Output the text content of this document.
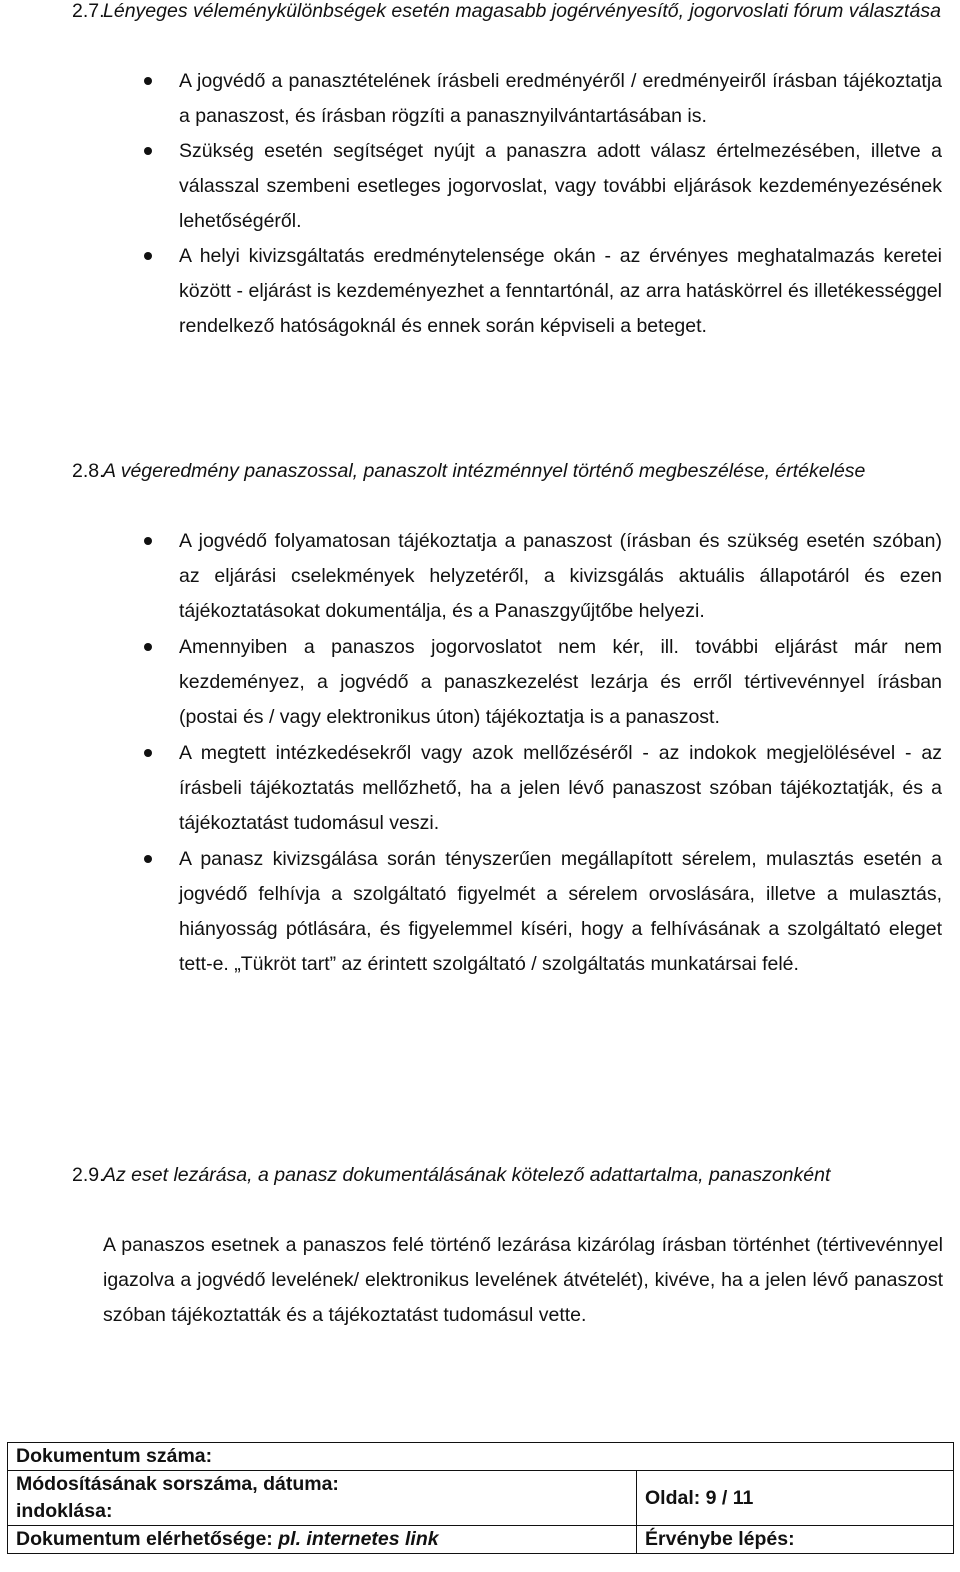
2.7.
Lényeges véleménykülönbségek esetén magasabb jogérvényesítő, jogorvoslati fórum választása
A jogvédő a panasztételének írásbeli eredményéről / eredményeiről írásban tájékoztatja a panaszost, és írásban rögzíti a panasznyilvántartásában is.
Szükség esetén segítséget nyújt a panaszra adott válasz értelmezésében, illetve a válasszal szembeni esetleges jogorvoslat, vagy további eljárások kezdeményezésének lehetőségéről.
A helyi kivizsgáltatás eredménytelensége okán - az érvényes meghatalmazás keretei között - eljárást is kezdeményezhet a fenntartónál, az arra hatáskörrel és illetékességgel rendelkező hatóságoknál és ennek során képviseli a beteget.
2.8.
A végeredmény panaszossal, panaszolt intézménnyel történő megbeszélése, értékelése
A jogvédő folyamatosan tájékoztatja a panaszost (írásban és szükség esetén szóban) az eljárási cselekmények helyzetéről, a kivizsgálás aktuális állapotáról és ezen tájékoztatásokat dokumentálja, és a Panaszgyűjtőbe helyezi.
Amennyiben a panaszos jogorvoslatot nem kér, ill. további eljárást már nem kezdeményez, a jogvédő a panaszkezelést lezárja és erről tértivevénnyel írásban (postai és / vagy elektronikus úton) tájékoztatja is a panaszost.
A megtett intézkedésekről vagy azok mellőzéséről - az indokok megjelölésével - az írásbeli tájékoztatás mellőzhető, ha a jelen lévő panaszost szóban tájékoztatják, és a tájékoztatást tudomásul veszi.
A panasz kivizsgálása során tényszerűen megállapított sérelem, mulasztás esetén a jogvédő felhívja a szolgáltató figyelmét a sérelem orvoslására, illetve a mulasztás, hiányosság pótlására, és figyelemmel kíséri, hogy a felhívásának a szolgáltató eleget tett-e. „Tükröt tart” az érintett szolgáltató / szolgáltatás munkatársai felé.
2.9.
Az eset lezárása, a panasz dokumentálásának kötelező adattartalma, panaszonként

A panaszos esetnek a panaszos felé történő lezárása kizárólag írásban történhet (tértivevénnyel igazolva a jogvédő levelének/ elektronikus levelének átvételét), kivéve, ha a jelen lévő panaszost szóban tájékoztatták és a tájékoztatást tudomásul vette.

Dokumentum száma:	
Módosításának sorszáma, dátuma:	Oldal: 9 / 11
indoklása:	
Dokumentum elérhetősége: pl. internetes link	Érvénybe lépés:
